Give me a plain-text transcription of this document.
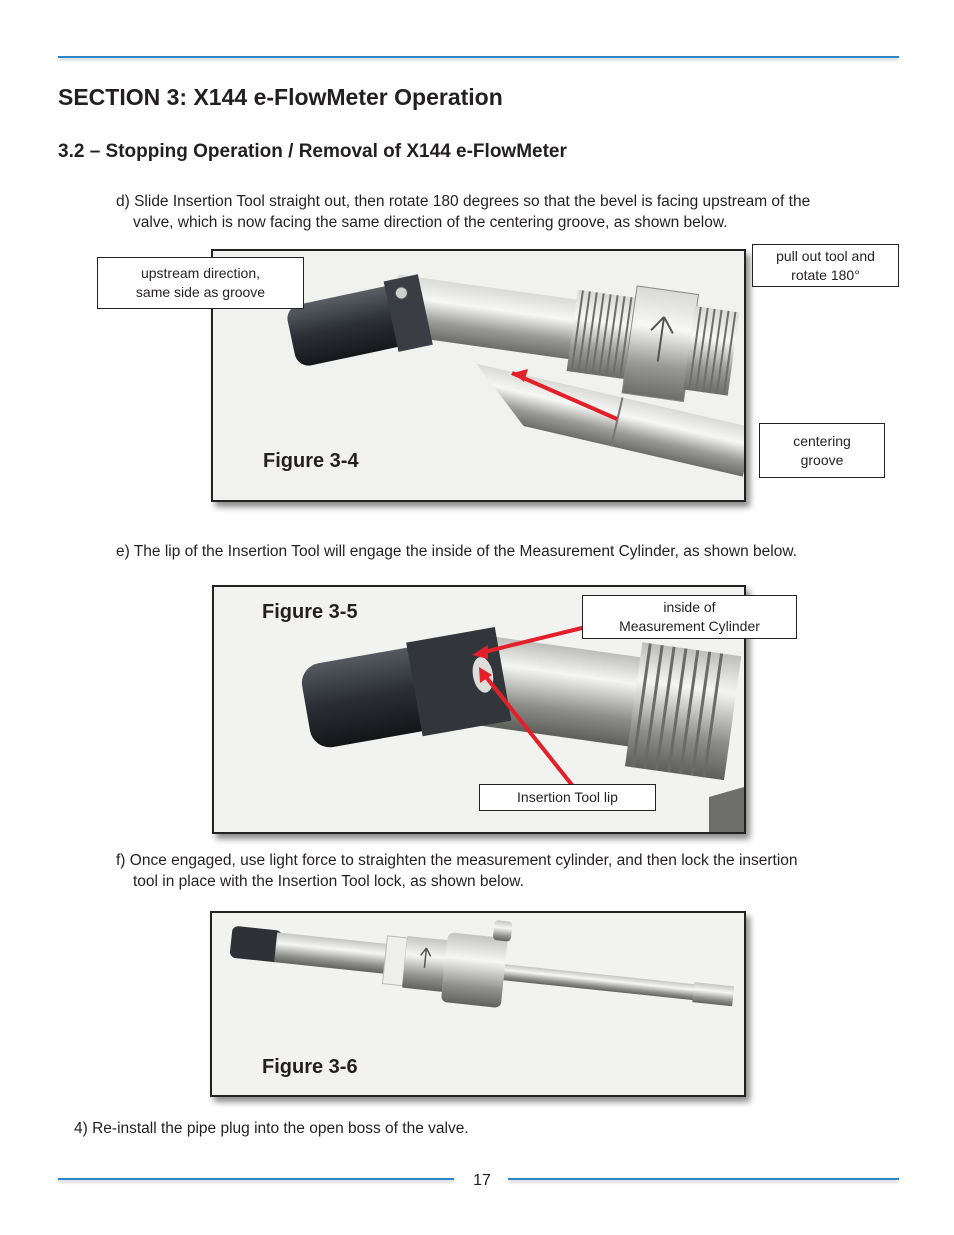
SECTION 3: X144 e-FlowMeter Operation
3.2 – Stopping Operation / Removal of X144 e-FlowMeter

d) Slide Insertion Tool straight out, then rotate 180 degrees so that the bevel is facing upstream of the

valve, which is now facing the same direction of the centering groove, as shown below.

Figure 3-4
upstream direction,
same side as groove
pull out tool and
rotate 180°
centering
groove

e) The lip of the Insertion Tool will engage the inside of the Measurement Cylinder, as shown below.

Figure 3-5	inside of
Measurement Cylinder
Insertion Tool lip

f) Once engaged, use light force to straighten the measurement cylinder, and then lock the insertion

tool in place with the Insertion Tool lock, as shown below.

Figure 3-6

4) Re-install the pipe plug into the open boss of the valve.

17
